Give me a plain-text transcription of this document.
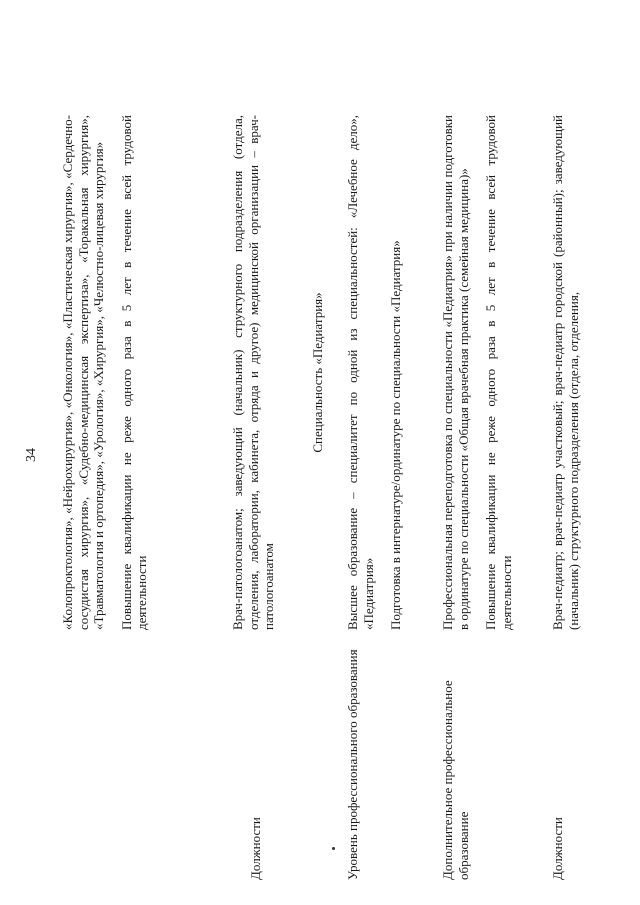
34 «Колопроктология», «Нейрохирургия», «Онкология», «Пластическая хирургия», «Сердечно-сосудистая хирургия», «Судебно-медицинская экспертиза», «Торакальная хирургия», «Травматология и ортопедия», «Урология», «Хирургия», «Челюстно-лицевая хирургия» Повышение квалификации не реже одного раза в 5 лет в течение всей трудовой деятельности

Должности

Врач-патологоанатом; заведующий (начальник) структурного подразделения (отдела, отделения, лаборатории, кабинета, отряда и другое) медицинской организации – врач-патологоанатом

Специальность «Педиатрия»
Уровень профессионального образования

Высшее образование – специалитет по одной из специальностей: «Лечебное дело», «Педиатрия» Подготовка в интернатуре/ординатуре по специальности «Педиатрия»

Дополнительное профессиональное образование

Профессиональная переподготовка по специальности «Педиатрия» при наличии подготовки в ординатуре по специальности «Общая врачебная практика (семейная медицина)» Повышение квалификации не реже одного раза в 5 лет в течение всей трудовой деятельности

Должности

Врач-педиатр; врач-педиатр участковый; врач-педиатр городской (районный); заведующий (начальник) структурного подразделения (отдела, отделения,
